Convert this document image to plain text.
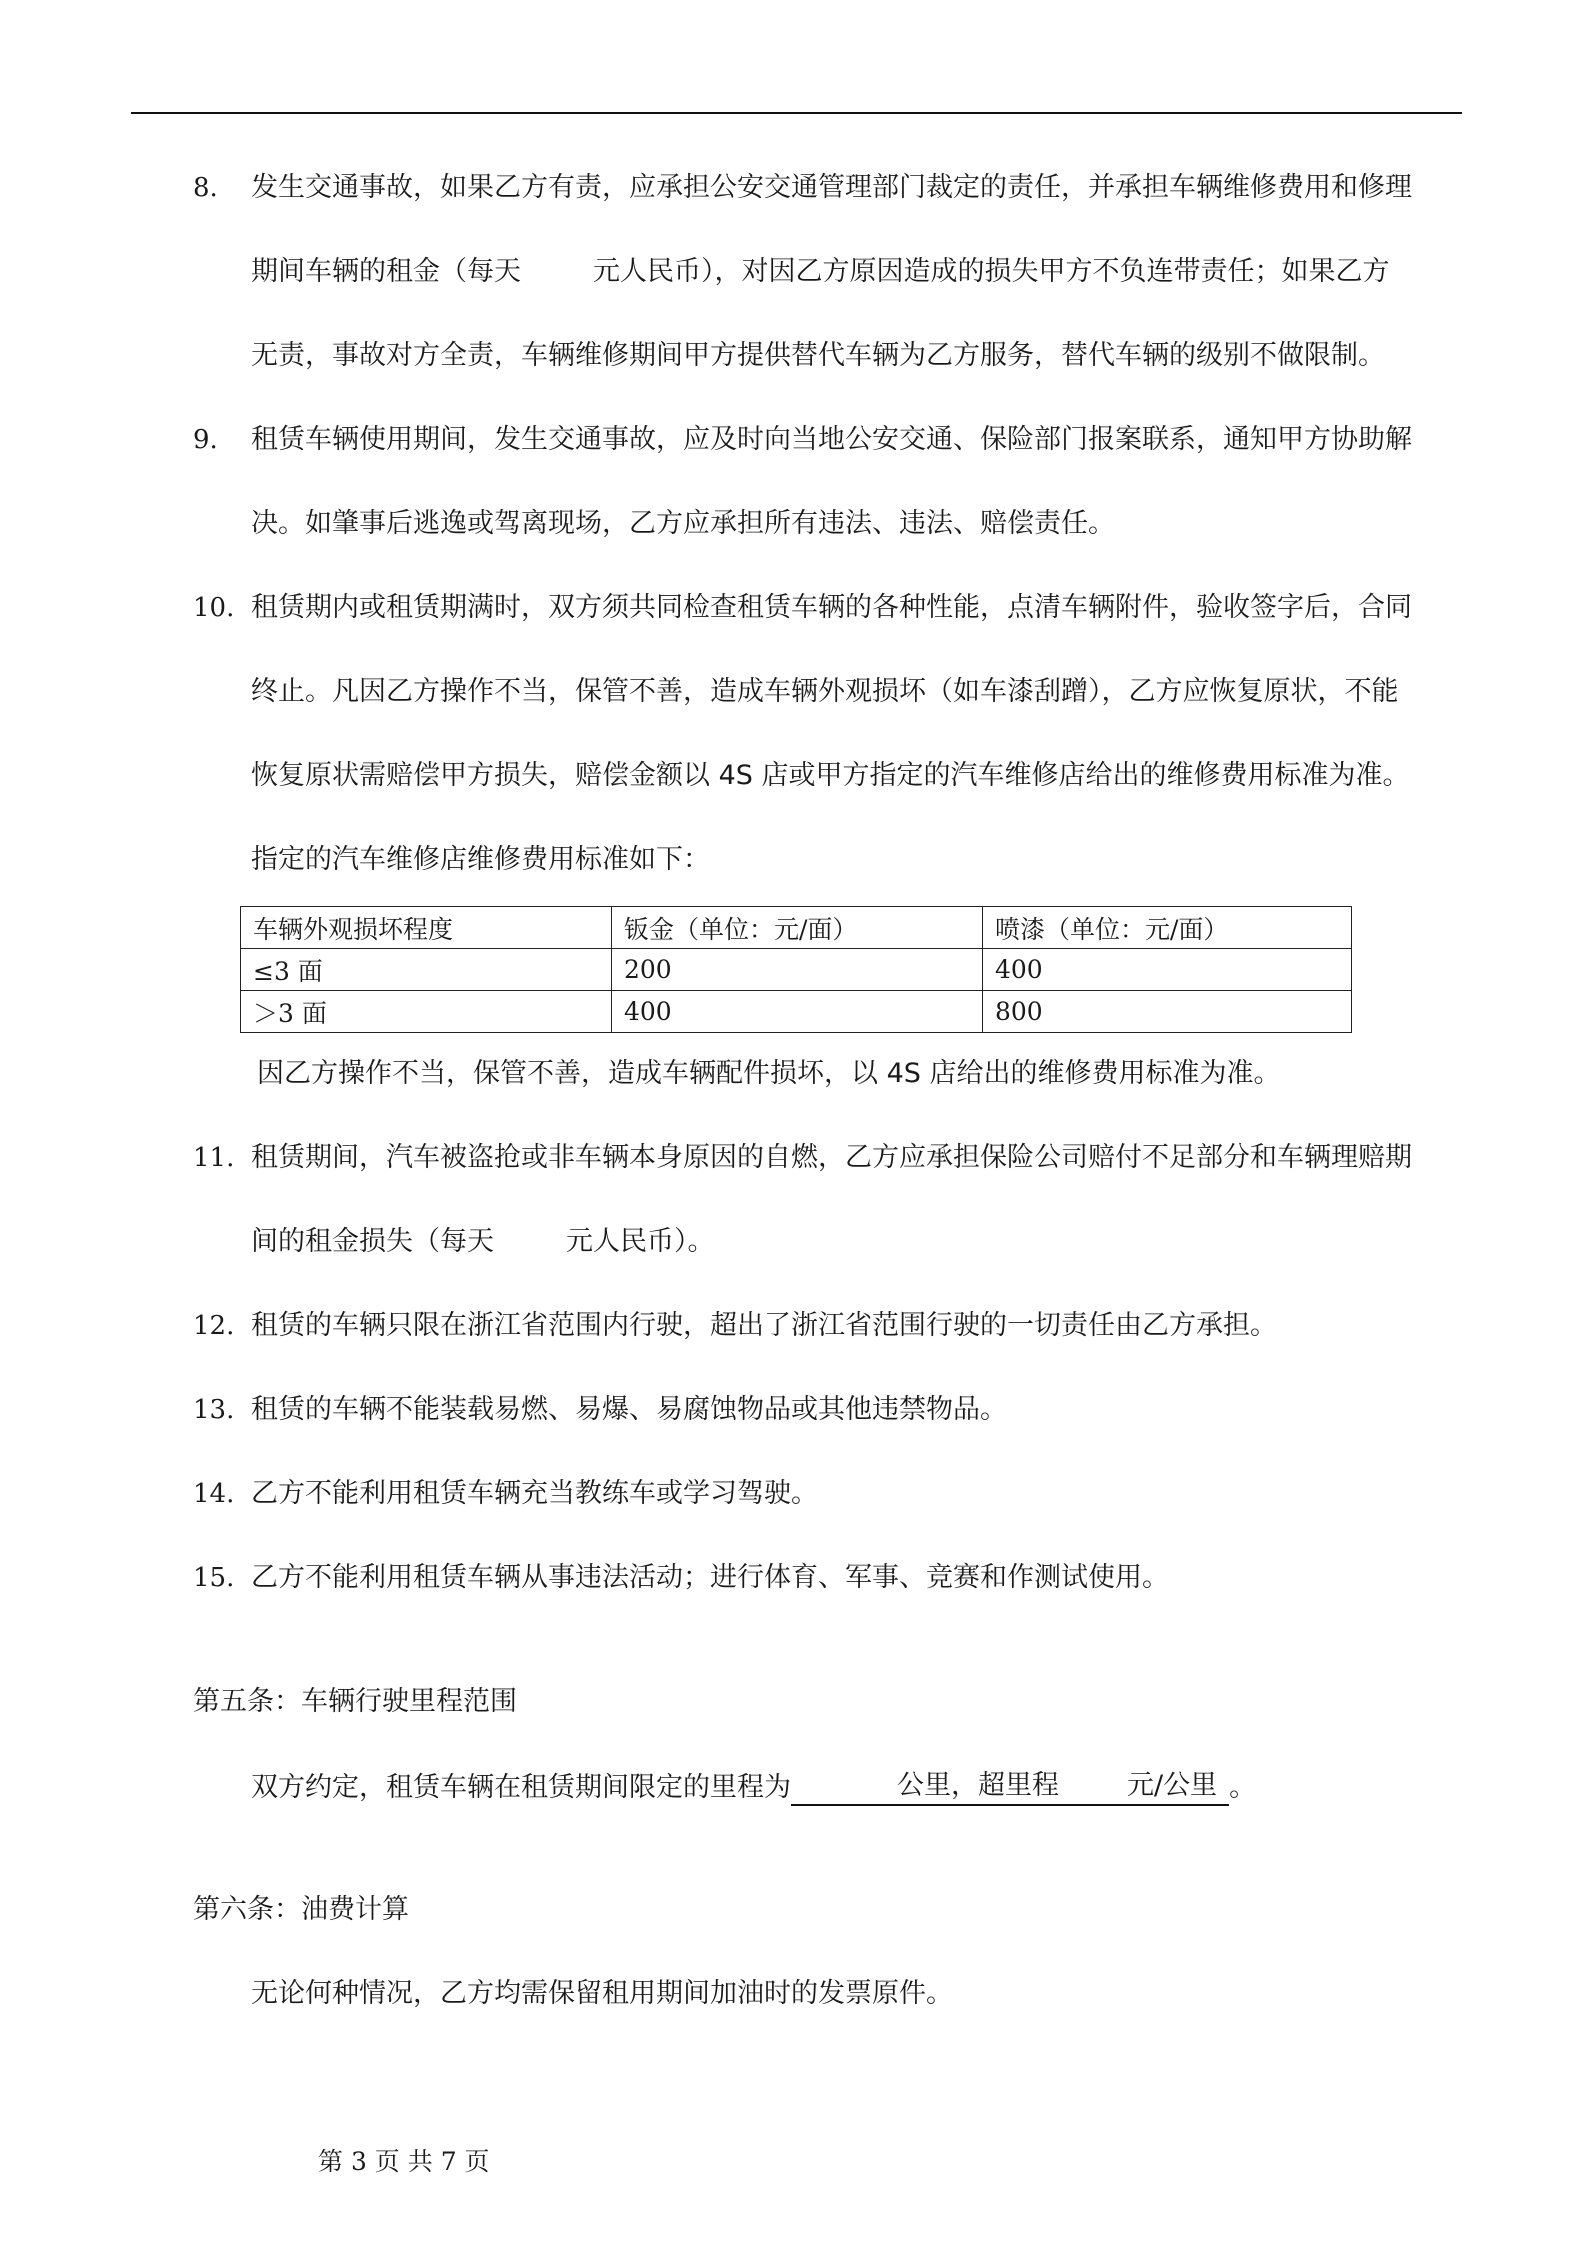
8. 发生交通事故，如果乙方有责，应承担公安交通管理部门裁定的责任，并承担车辆维修费用和修理
期间车辆的租金（每天	元人民币），对因乙方原因造成的损失甲方不负连带责任；如果乙方
无责，事故对方全责，车辆维修期间甲方提供替代车辆为乙方服务，替代车辆的级别不做限制。
9. 租赁车辆使用期间，发生交通事故，应及时向当地公安交通、保险部门报案联系，通知甲方协助解
决。如肇事后逃逸或驾离现场，乙方应承担所有违法、违法、赔偿责任。
10. 租赁期内或租赁期满时，双方须共同检查租赁车辆的各种性能，点清车辆附件，验收签字后，合同
终止。凡因乙方操作不当，保管不善，造成车辆外观损坏（如车漆刮蹭），乙方应恢复原状，不能
恢复原状需赔偿甲方损失，赔偿金额以 4S 店或甲方指定的汽车维修店给出的维修费用标准为准。
指定的汽车维修店维修费用标准如下：
车辆外观损坏程度	钣金（单位：元/面）	喷漆（单位：元/面）
≤3 面	200	400
＞3 面	400	800
因乙方操作不当，保管不善，造成车辆配件损坏，以 4S 店给出的维修费用标准为准。
11. 租赁期间，汽车被盗抢或非车辆本身原因的自燃，乙方应承担保险公司赔付不足部分和车辆理赔期
间的租金损失（每天	元人民币）。
12. 租赁的车辆只限在浙江省范围内行驶，超出了浙江省范围行驶的一切责任由乙方承担。
13. 租赁的车辆不能装载易燃、易爆、易腐蚀物品或其他违禁物品。
14. 乙方不能利用租赁车辆充当教练车或学习驾驶。
15. 乙方不能利用租赁车辆从事违法活动；进行体育、军事、竞赛和作测试使用。
第五条：车辆行驶里程范围
双方约定，租赁车辆在租赁期间限定的里程为	公里，超里程	元/公里 。
第六条：油费计算
无论何种情况，乙方均需保留租用期间加油时的发票原件。
第 3 页 共 7 页
